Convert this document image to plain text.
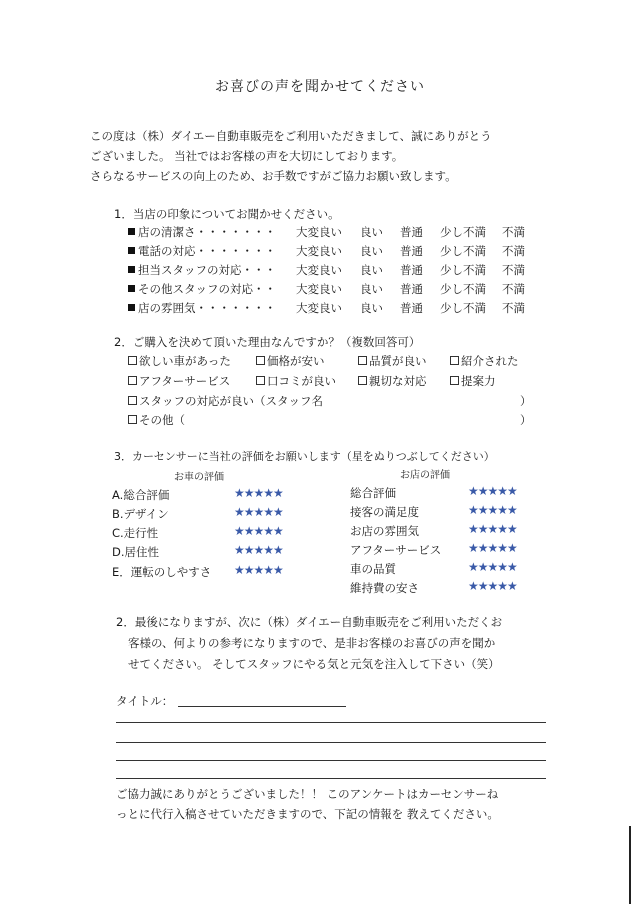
お喜びの声を聞かせてください
この度は（株）ダイエー自動車販売をご利用いただきまして、誠にありがとう
ございました。 当社ではお客様の声を大切にしております。
さらなるサービスの向上のため、お手数ですがご協力お願い致します。
1．当店の印象についてお聞かせください。
店の清潔さ・・・・・・・ 大変良い 良い 普通 少し不満 不満
電話の対応・・・・・・・ 大変良い 良い 普通 少し不満 不満
担当スタッフの対応・・・ 大変良い 良い 普通 少し不満 不満
その他スタッフの対応・・ 大変良い 良い 普通 少し不満 不満
店の雰囲気・・・・・・・ 大変良い 良い 普通 少し不満 不満
2．ご購入を決めて頂いた理由なんですか？（複数回答可）
欲しい車があった	価格が安い	品質が良い	紹介された
アフターサービス	口コミが良い	親切な対応	提案力
スタッフの対応が良い（スタッフ名	）
その他（	）
3．カーセンサーに当社の評価をお願いします（星をぬりつぶしてください）
お車の評価	お店の評価
A.総合評価	★★★★★
B.デザイン	★★★★★
C.走行性	★★★★★
D.居住性	★★★★★
E．運転のしやすさ ★★★★★
総合評価	★★★★★
接客の満足度	★★★★★
お店の雰囲気	★★★★★
アフターサービス ★★★★★
車の品質	★★★★★
維持費の安さ	★★★★★
2．最後になりますが、次に（株）ダイエー自動車販売をご利用いただくお
客様の、何よりの参考になりますので、是非お客様のお喜びの声を聞か
せてください。 そしてスタッフにやる気と元気を注入して下さい（笑）
タイトル：
ご協力誠にありがとうございました！！ このアンケートはカーセンサーね
っとに代行入稿させていただきますので、下記の情報を 教えてください。
